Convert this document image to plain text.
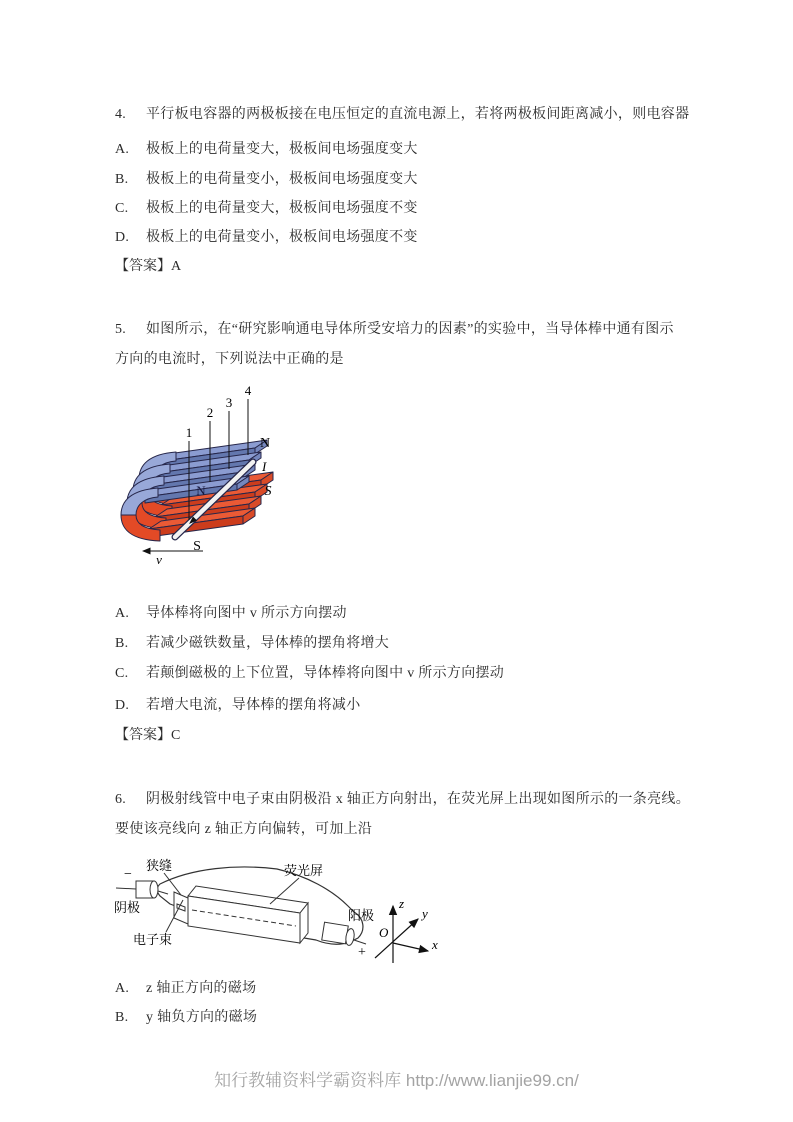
4. 平行板电容器的两极板接在电压恒定的直流电源上，若将两极板间距离减小，则电容器
A. 极板上的电荷量变大，极板间电场强度变大
B. 极板上的电荷量变小，极板间电场强度变大
C. 极板上的电荷量变大，极板间电场强度不变
D. 极板上的电荷量变小，极板间电场强度不变
【答案】A
5. 如图所示，在“研究影响通电导体所受安培力的因素”的实验中，当导体棒中通有图示
方向的电流时，下列说法中正确的是
1
2
3
4
N
N	S
S
I
v
A. 导体棒将向图中 v 所示方向摆动
B. 若减少磁铁数量，导体棒的摆角将增大
C. 若颠倒磁极的上下位置，导体棒将向图中 v 所示方向摆动
D. 若增大电流，导体棒的摆角将减小
【答案】C
6. 阴极射线管中电子束由阴极沿 x 轴正方向射出，在荧光屏上出现如图所示的一条亮线。
要使该亮线向 z 轴正方向偏转，可加上沿
−
阴极
阳极
+
狭缝	荧光屏
电子束
z
y
x
O
A. z 轴正方向的磁场
B. y 轴负方向的磁场
知行教辅资料学霸资料库 http://www.lianjie99.cn/
